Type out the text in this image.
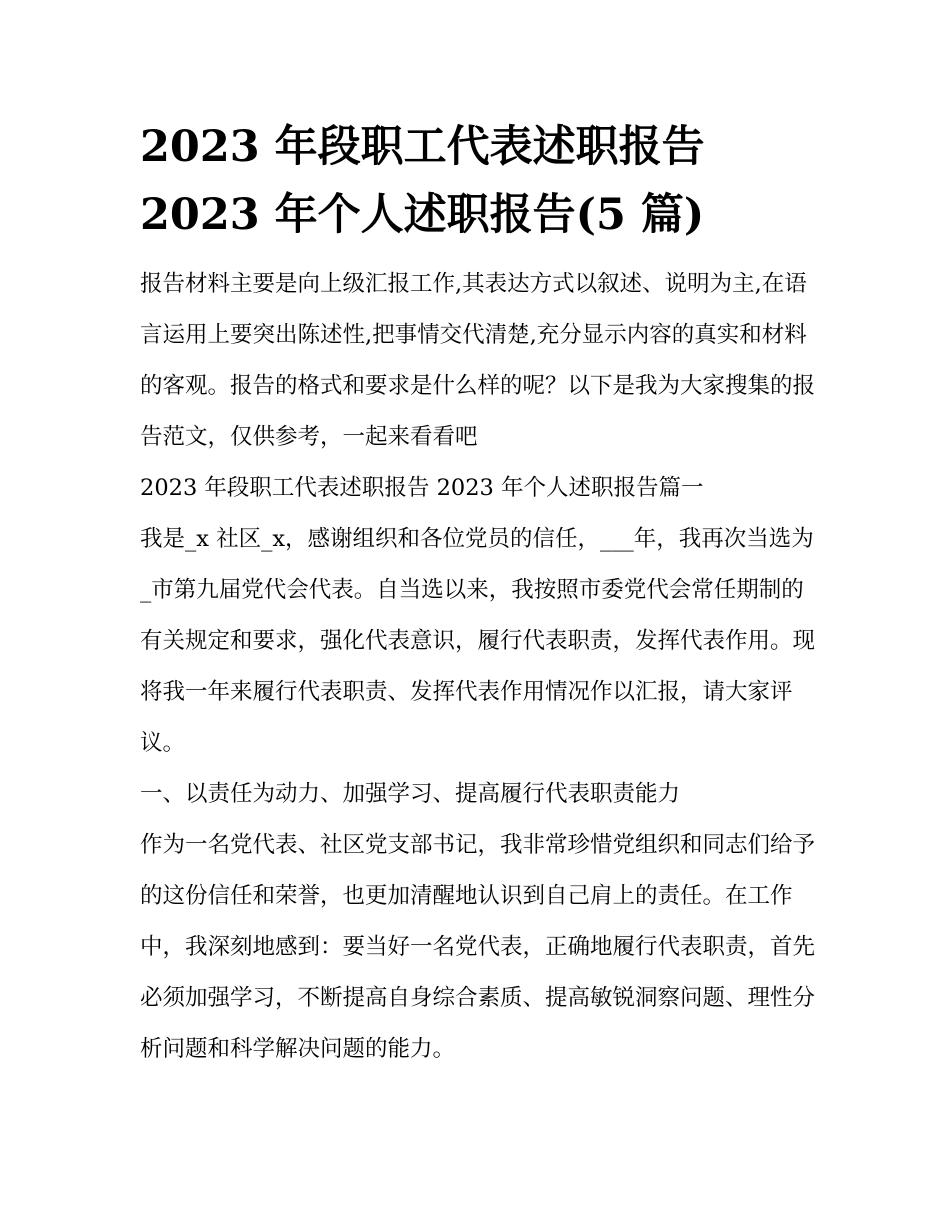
2023 年段职工代表述职报告
2023 年个人述职报告(5 篇)

报告材料主要是向上级汇报工作,其表达方式以叙述、说明为主,在语言运用上要突出陈述性,把事情交代清楚,充分显示内容的真实和材料的客观。报告的格式和要求是什么样的呢？以下是我为大家搜集的报告范文，仅供参考，一起来看看吧

2023 年段职工代表述职报告 2023 年个人述职报告篇一

我是_x 社区_x，感谢组织和各位党员的信任，___年，我再次当选为_市第九届党代会代表。自当选以来，我按照市委党代会常任期制的有关规定和要求，强化代表意识，履行代表职责，发挥代表作用。现将我一年来履行代表职责、发挥代表作用情况作以汇报，请大家评议。

一、以责任为动力、加强学习、提高履行代表职责能力

作为一名党代表、社区党支部书记，我非常珍惜党组织和同志们给予的这份信任和荣誉，也更加清醒地认识到自己肩上的责任。在工作中，我深刻地感到：要当好一名党代表，正确地履行代表职责，首先必须加强学习，不断提高自身综合素质、提高敏锐洞察问题、理性分析问题和科学解决问题的能力。
